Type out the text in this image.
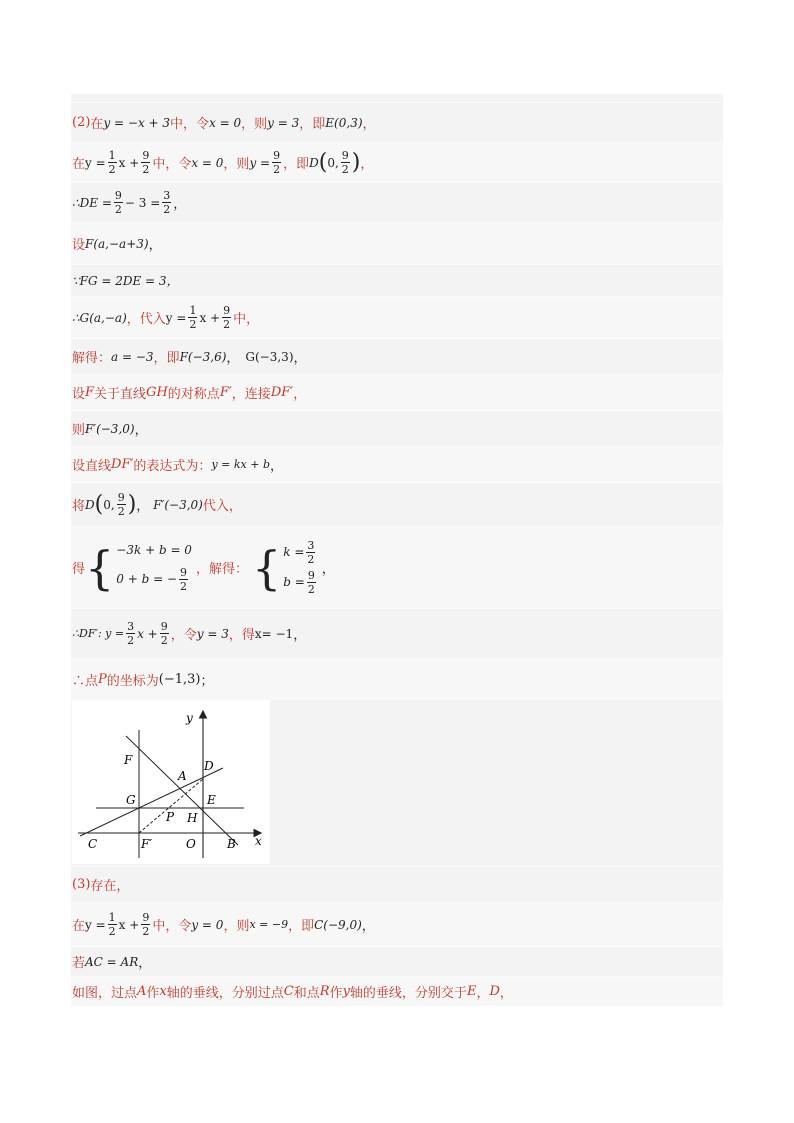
(2) 在 y = −x + 3 中，令 x = 0 ，则 y = 3 ，即 E(0,3) ，
在 $y = \frac{1}{2}$ $x + \frac{9}{2}$ 中，令 x = 0 ，则 $y = \frac{9}{2}$ ，即 D ( 0, $\frac{9}{2}$ ) ，
∴DE = $\frac{9}{2} - 3 = \frac{3}{2}$ ，
设 F(a,−a+3) ，
∵FG = 2DE = 3，
∴G(a,−a) ，代入 $y = \frac{1}{2}$ $x + \frac{9}{2}$ 中，
解得： a = −3 ，即 F(−3,6) ， G(−3,3) ，
设 F 关于直线 GH 的对称点 F′ ，连接 DF′ ，
则 F′(−3,0) ，
设直线 DF′ 的表达式为： y = kx + b ，
将 D ( 0, $\frac{9}{2}$ ) ， F′(−3,0) 代入，
得 { −3k + b = 0
0 + b = − $\frac{9}{2}$ ，解得： { $k = \frac{3}{2}$
$b = \frac{9}{2}$
，
∴DF′: $y = \frac{3}{2}$ $x + \frac{9}{2}$ ，令 y = 3 ，得 x= −1 ，
∴点 P 的坐标为 (−1,3) ；
(3) 存在，
在 $y = \frac{1}{2}$ $x + \frac{9}{2}$ 中，令 y = 0 ，则 x = −9 ，即 C(−9,0) ，
若 AC = AR ，
如图，过点 A 作 x 轴的垂线，分别过点 C 和点 R 作 y 轴的垂线，分别交于 E ， D ，
y
x
F	D
A
G	E
P H
C	F′	O	B
